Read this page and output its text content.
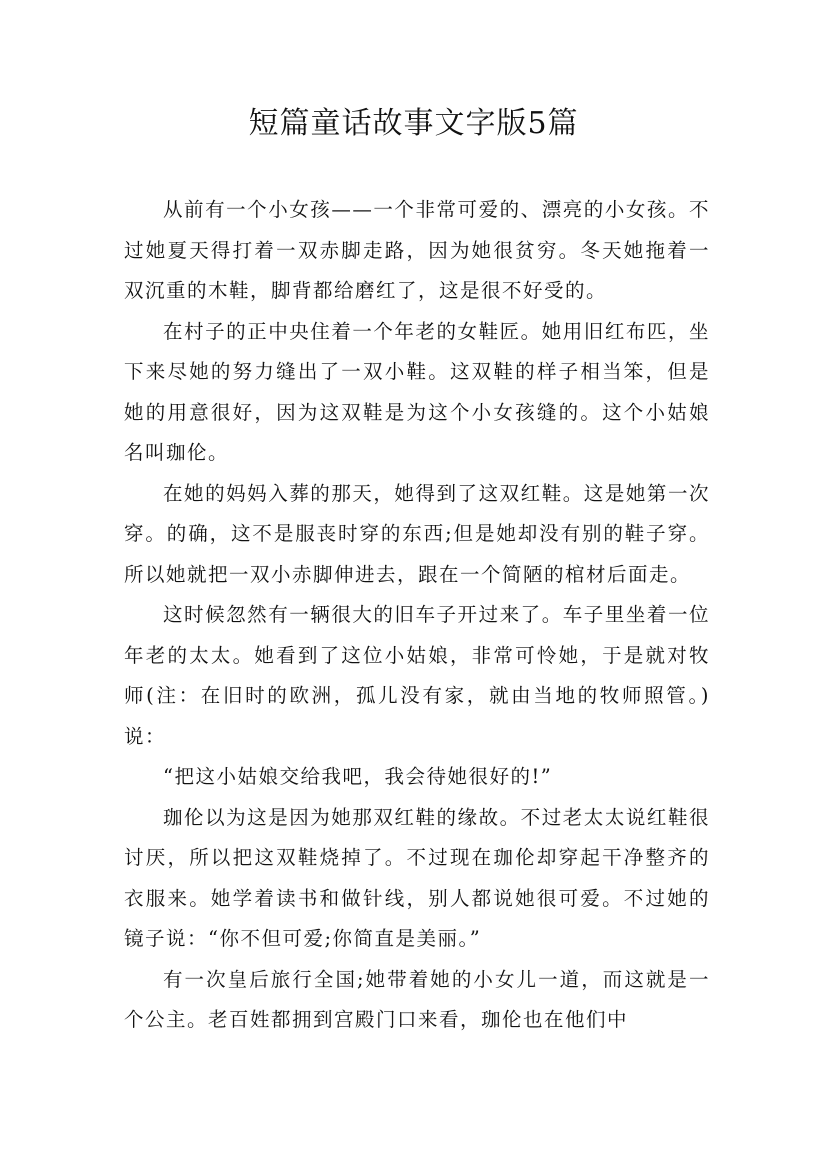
短篇童话故事文字版5篇

从前有一个小女孩——一个非常可爱的、漂亮的小女孩。不过她夏天得打着一双赤脚走路，因为她很贫穷。冬天她拖着一双沉重的木鞋，脚背都给磨红了，这是很不好受的。

在村子的正中央住着一个年老的女鞋匠。她用旧红布匹，坐下来尽她的努力缝出了一双小鞋。这双鞋的样子相当笨，但是她的用意很好，因为这双鞋是为这个小女孩缝的。这个小姑娘名叫珈伦。

在她的妈妈入葬的那天，她得到了这双红鞋。这是她第一次穿。的确，这不是服丧时穿的东西;但是她却没有别的鞋子穿。所以她就把一双小赤脚伸进去，跟在一个简陋的棺材后面走。

这时候忽然有一辆很大的旧车子开过来了。车子里坐着一位年老的太太。她看到了这位小姑娘，非常可怜她，于是就对牧师(注：在旧时的欧洲，孤儿没有家，就由当地的牧师照管。)说：

“把这小姑娘交给我吧，我会待她很好的!”

珈伦以为这是因为她那双红鞋的缘故。不过老太太说红鞋很讨厌，所以把这双鞋烧掉了。不过现在珈伦却穿起干净整齐的衣服来。她学着读书和做针线，别人都说她很可爱。不过她的镜子说：“你不但可爱;你简直是美丽。”

有一次皇后旅行全国;她带着她的小女儿一道，而这就是一个公主。老百姓都拥到宫殿门口来看，珈伦也在他们中
